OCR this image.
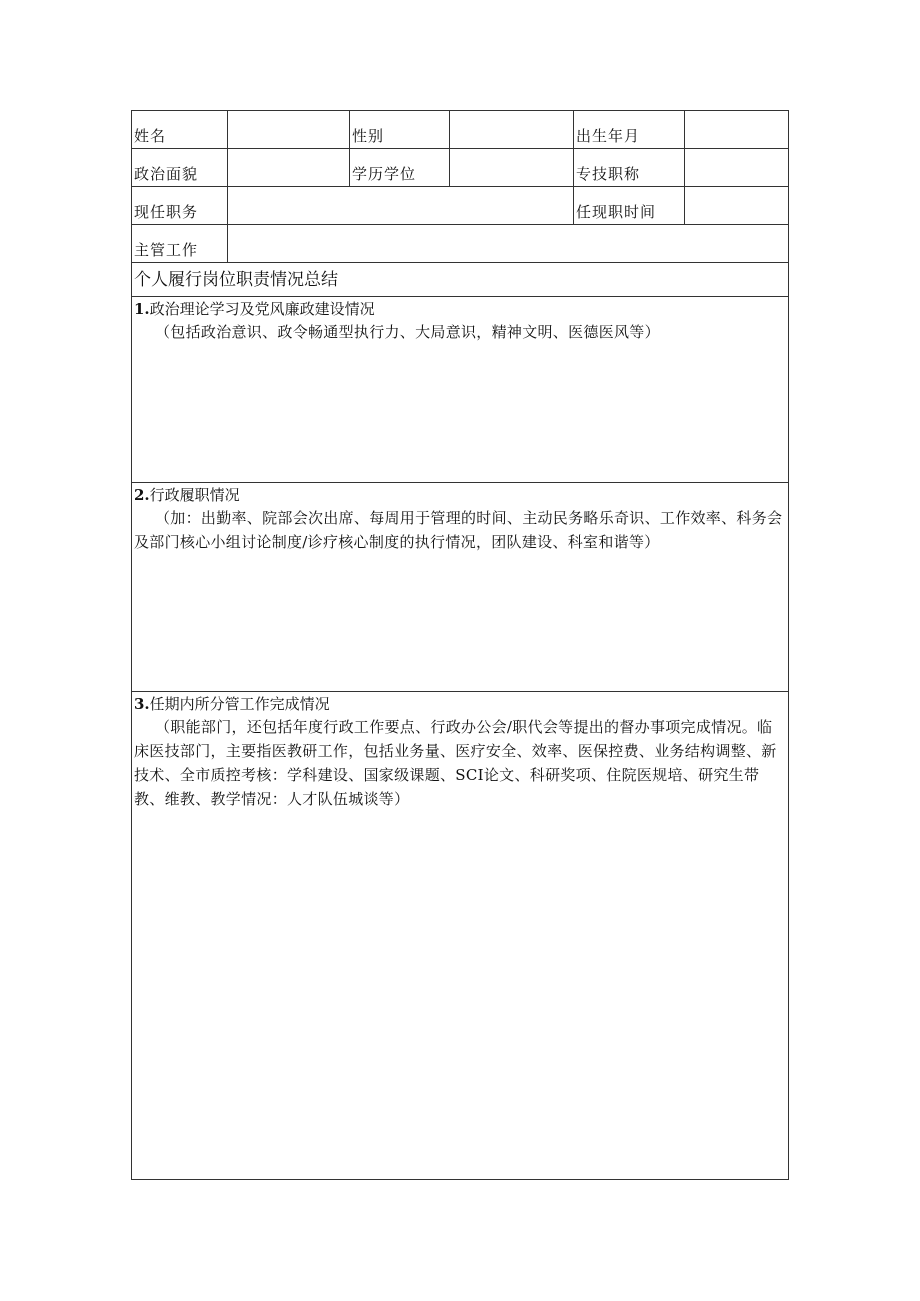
姓名		性别		出生年月	
政治面貌		学历学位		专技职称	
现任职务				任现职时间	
主管工作					
个人履行岗位职责情况总结					

1.政治理论学习及党风廉政建设情况
（包括政治意识、政令畅通型执行力、大局意识，精神文明、医德医风等）					

2.行政履职情况
（加：出勤率、院部会次出席、每周用于管理的时间、主动民务略乐奇识、工作效率、科务会及部门核心小组讨论制度/诊疗核心制度的执行情况，团队建设、科室和谐等）					

3.任期内所分管工作完成情况
（职能部门，还包括年度行政工作要点、行政办公会/职代会等提出的督办事项完成情况。临床医技部门，主要指医教研工作，包括业务量、医疗安全、效率、医保控费、业务结构调整、新技术、全市质控考核：学科建设、国家级课题、SCI论文、科研奖项、住院医规培、研究生带教、维教、教学情况：人才队伍城谈等）					
